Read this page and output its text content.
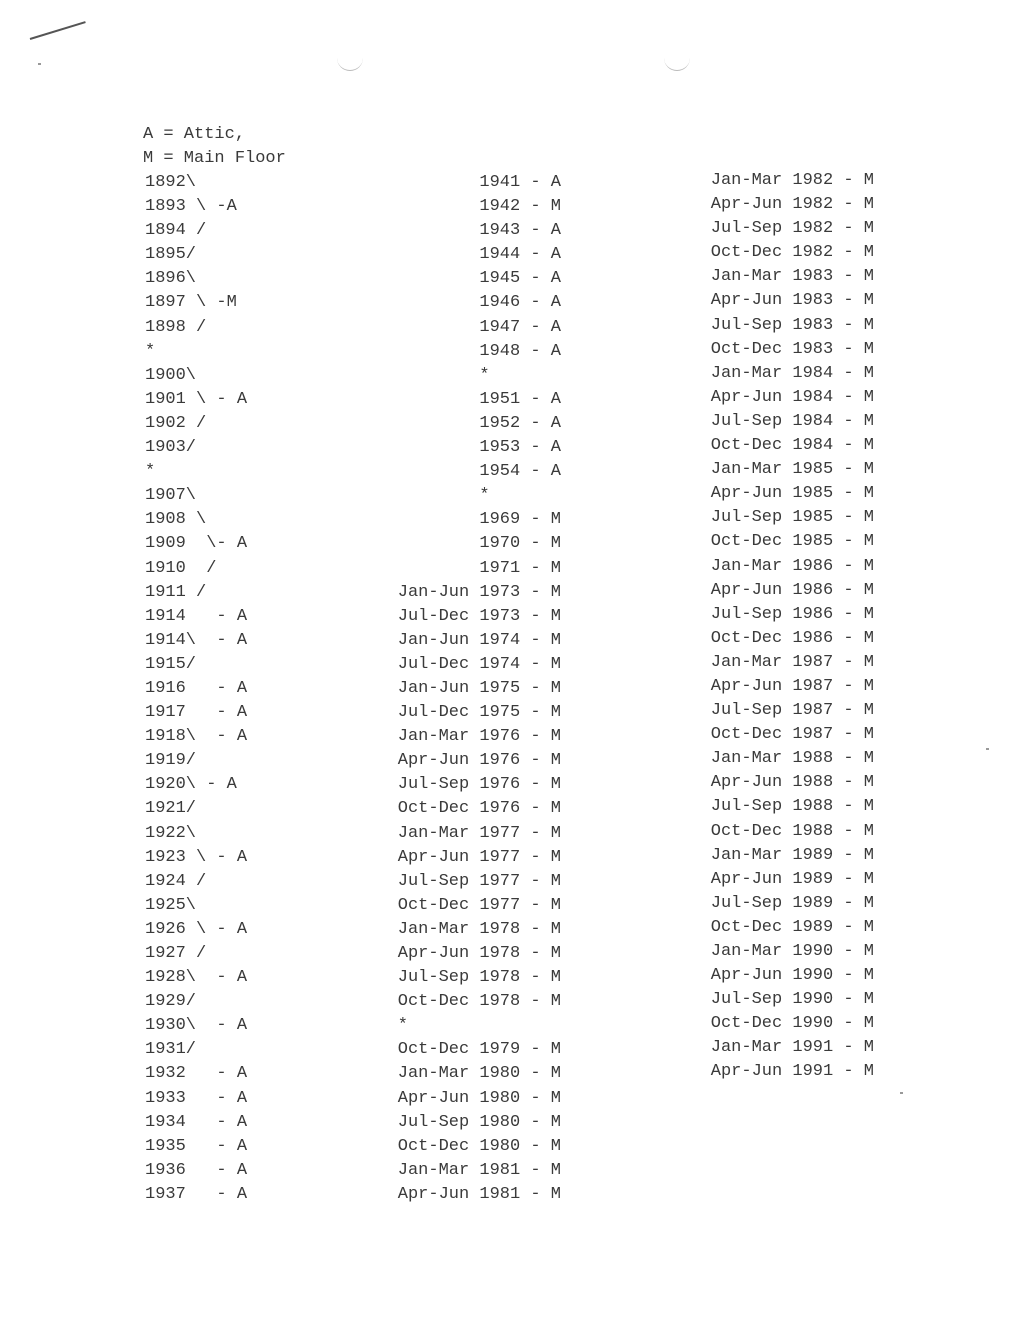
A = Attic,
M = Main Floor
1892\
1893 \ -A
1894 /
1895/
1896\
1897 \ -M
1898 /
*
1900\
1901 \ - A
1902 /
1903/
*
1907\
1908 \
1909  \- A
1910  /
1911 /
1914   - A
1914\  - A
1915/
1916   - A
1917   - A
1918\  - A
1919/
1920\ - A
1921/
1922\
1923 \ - A
1924 /
1925\
1926 \ - A
1927 /
1928\  - A
1929/
1930\  - A
1931/
1932   - A
1933   - A
1934   - A
1935   - A
1936   - A
1937   - A
1941 - A
1942 - M
1943 - A
1944 - A
1945 - A
1946 - A
1947 - A
1948 - A
*
1951 - A
1952 - A
1953 - A
1954 - A
*
1969 - M
1970 - M
1971 - M
Jan-Jun 1973 - M
Jul-Dec 1973 - M
Jan-Jun 1974 - M
Jul-Dec 1974 - M
Jan-Jun 1975 - M
Jul-Dec 1975 - M
Jan-Mar 1976 - M
Apr-Jun 1976 - M
Jul-Sep 1976 - M
Oct-Dec 1976 - M
Jan-Mar 1977 - M
Apr-Jun 1977 - M
Jul-Sep 1977 - M
Oct-Dec 1977 - M
Jan-Mar 1978 - M
Apr-Jun 1978 - M
Jul-Sep 1978 - M
Oct-Dec 1978 - M
*
Oct-Dec 1979 - M
Jan-Mar 1980 - M
Apr-Jun 1980 - M
Jul-Sep 1980 - M
Oct-Dec 1980 - M
Jan-Mar 1981 - M
Apr-Jun 1981 - M
Jan-Mar 1982 - M
Apr-Jun 1982 - M
Jul-Sep 1982 - M
Oct-Dec 1982 - M
Jan-Mar 1983 - M
Apr-Jun 1983 - M
Jul-Sep 1983 - M
Oct-Dec 1983 - M
Jan-Mar 1984 - M
Apr-Jun 1984 - M
Jul-Sep 1984 - M
Oct-Dec 1984 - M
Jan-Mar 1985 - M
Apr-Jun 1985 - M
Jul-Sep 1985 - M
Oct-Dec 1985 - M
Jan-Mar 1986 - M
Apr-Jun 1986 - M
Jul-Sep 1986 - M
Oct-Dec 1986 - M
Jan-Mar 1987 - M
Apr-Jun 1987 - M
Jul-Sep 1987 - M
Oct-Dec 1987 - M
Jan-Mar 1988 - M
Apr-Jun 1988 - M
Jul-Sep 1988 - M
Oct-Dec 1988 - M
Jan-Mar 1989 - M
Apr-Jun 1989 - M
Jul-Sep 1989 - M
Oct-Dec 1989 - M
Jan-Mar 1990 - M
Apr-Jun 1990 - M
Jul-Sep 1990 - M
Oct-Dec 1990 - M
Jan-Mar 1991 - M
Apr-Jun 1991 - M
